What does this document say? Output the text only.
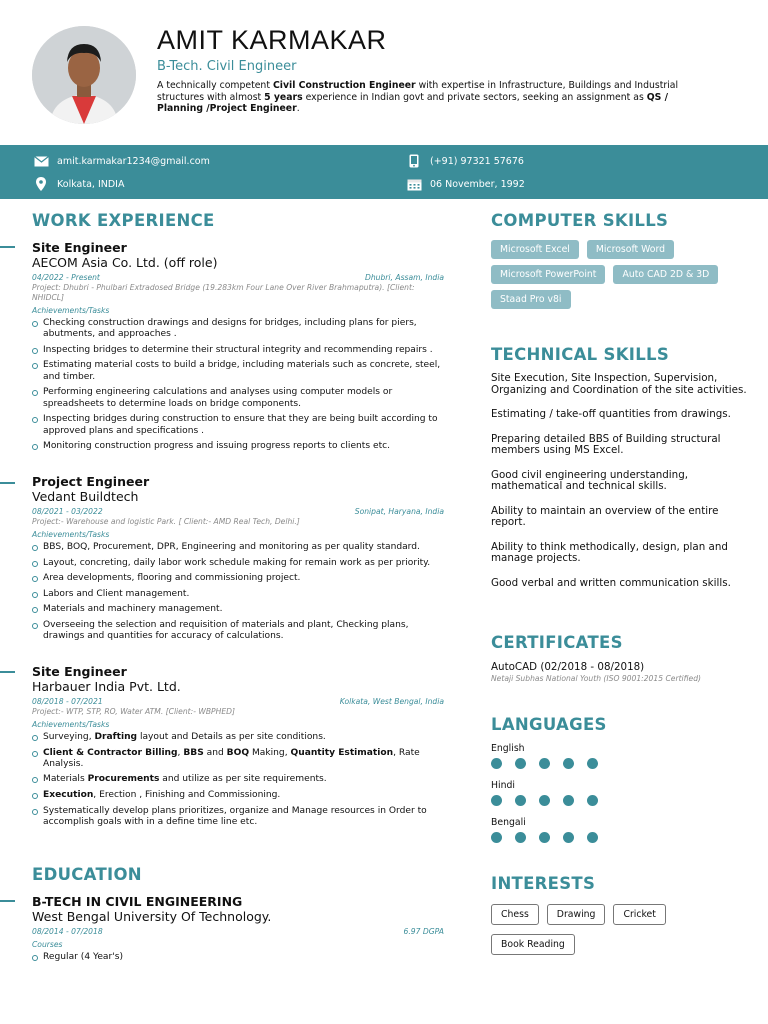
AMIT KARMAKAR
B-Tech. Civil Engineer
A technically competent Civil Construction Engineer with expertise in Infrastructure, Buildings and Industrial structures with almost 5 years experience in Indian govt and private sectors, seeking an assignment as QS / Planning /Project Engineer.
amit.karmakar1234@gmail.com	(+91) 97321 57676
Kolkata, INDIA	06 November, 1992
WORK EXPERIENCE
Site Engineer
AECOM Asia Co. Ltd. (off role)
04/2022 - Present	Dhubri, Assam, India
Project: Dhubri - Phulbari Extradosed Bridge (19.283km Four Lane Over River Brahmaputra). [Client: NHIDCL]
Achievements/Tasks
Checking construction drawings and designs for bridges, including plans for piers, abutments, and approaches .
Inspecting bridges to determine their structural integrity and recommending repairs .
Estimating material costs to build a bridge, including materials such as concrete, steel, and timber.
Performing engineering calculations and analyses using computer models or spreadsheets to determine loads on bridge components.
Inspecting bridges during construction to ensure that they are being built according to approved plans and specifications .
Monitoring construction progress and issuing progress reports to clients etc.
Project Engineer
Vedant Buildtech
08/2021 - 03/2022	Sonipat, Haryana, India
Project:- Warehouse and logistic Park. [ Client:- AMD Real Tech, Delhi.]
Achievements/Tasks
BBS, BOQ, Procurement, DPR, Engineering and monitoring as per quality standard.
Layout, concreting, daily labor work schedule making for remain work as per priority.
Area developments, flooring and commissioning project.
Labors and Client management.
Materials and machinery management.
Overseeing the selection and requisition of materials and plant, Checking plans, drawings and quantities for accuracy of calculations.
Site Engineer
Harbauer India Pvt. Ltd.
08/2018 - 07/2021	Kolkata, West Bengal, India
Project:- WTP, STP, RO, Water ATM. [Client:- WBPHED]
Achievements/Tasks
Surveying, Drafting layout and Details as per site conditions.
Client & Contractor Billing, BBS and BOQ Making, Quantity Estimation, Rate Analysis.
Materials Procurements and utilize as per site requirements.
Execution, Erection , Finishing and Commissioning.
Systematically develop plans prioritizes, organize and Manage resources in Order to accomplish goals with in a define time line etc.
EDUCATION
B-TECH IN CIVIL ENGINEERING
West Bengal University Of Technology.
08/2014 - 07/2018	6.97 DGPA
Courses
Regular (4 Year's)
COMPUTER SKILLS
Microsoft Excel	Microsoft Word
Microsoft PowerPoint	Auto CAD 2D & 3D
Staad Pro v8i
TECHNICAL SKILLS

Site Execution, Site Inspection, Supervision, Organizing and Coordination of the site activities.

Estimating / take-off quantities from drawings.

Preparing detailed BBS of Building structural members using MS Excel.

Good civil engineering understanding, mathematical and technical skills.

Ability to maintain an overview of the entire report.

Ability to think methodically, design, plan and manage projects.

Good verbal and written communication skills.

CERTIFICATES
AutoCAD (02/2018 - 08/2018)
Netaji Subhas National Youth (ISO 9001:2015 Certified)
LANGUAGES
English
Hindi
Bengali
INTERESTS
Chess	Drawing	Cricket
Book Reading
